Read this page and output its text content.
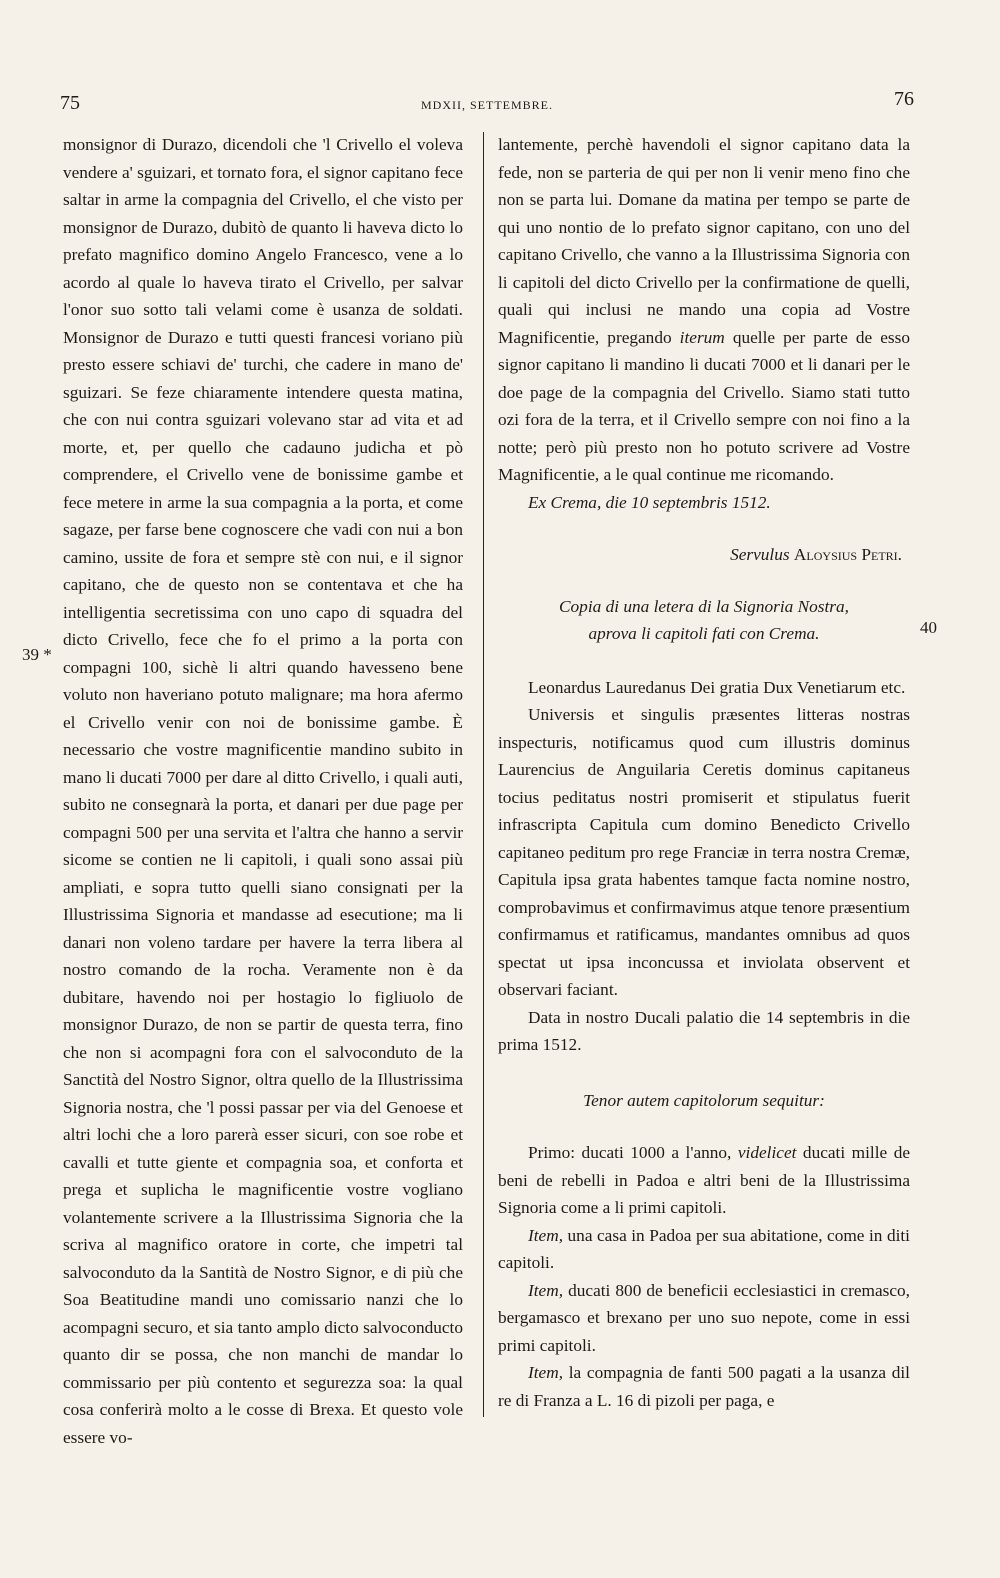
75	MDXII, SETTEMBRE.	76
39 *
40

monsignor di Durazo, dicendoli che 'l Crivello el voleva vendere a' sguizari, et tornato fora, el signor capitano fece saltar in arme la compagnia del Crivello, el che visto per monsignor de Durazo, dubitò de quanto li haveva dicto lo prefato magnifico domino Angelo Francesco, vene a lo acordo al quale lo haveva tirato el Crivello, per salvar l'onor suo sotto tali velami come è usanza de soldati. Monsignor de Durazo e tutti questi francesi voriano più presto essere schiavi de' turchi, che cadere in mano de' sguizari. Se feze chiaramente intendere questa matina, che con nui contra sguizari volevano star ad vita et ad morte, et, per quello che cadauno judicha et pò comprendere, el Crivello vene de bonissime gambe et fece metere in arme la sua compagnia a la porta, et come sagaze, per farse bene cognoscere che vadi con nui a bon camino, ussite de fora et sempre stè con nui, e il signor capitano, che de questo non se contentava et che ha intelligentia secretissima con uno capo di squadra del dicto Crivello, fece che fo el primo a la porta con compagni 100, sichè li altri quando havesseno bene voluto non haveriano potuto malignare; ma hora afermo el Crivello venir con noi de bonissime gambe. È necessario che vostre magnificentie mandino subito in mano li ducati 7000 per dare al ditto Crivello, i quali auti, subito ne consegnarà la porta, et danari per due page per compagni 500 per una servita et l'altra che hanno a servir sicome se contien ne li capitoli, i quali sono assai più ampliati, e sopra tutto quelli siano consignati per la Illustrissima Signoria et mandasse ad esecutione; ma li danari non voleno tardare per havere la terra libera al nostro comando de la rocha. Veramente non è da dubitare, havendo noi per hostagio lo figliuolo de monsignor Durazo, de non se partir de questa terra, fino che non si acompagni fora con el salvoconduto de la Sanctità del Nostro Signor, oltra quello de la Illustrissima Signoria nostra, che 'l possi passar per via del Genoese et altri lochi che a loro parerà esser sicuri, con soe robe et cavalli et tutte giente et compagnia soa, et conforta et prega et suplicha le magnificentie vostre vogliano volantemente scrivere a la Illustrissima Signoria che la scriva al magnifico oratore in corte, che impetri tal salvoconduto da la Santità de Nostro Signor, e di più che Soa Beatitudine mandi uno comissario nanzi che lo acompagni securo, et sia tanto amplo dicto salvoconducto quanto dir se possa, che non manchi de mandar lo commissario per più contento et segurezza soa: la qual cosa conferirà molto a le cosse di Brexa. Et questo vole essere vo-

lantemente, perchè havendoli el signor capitano data la fede, non se parteria de qui per non li venir meno fino che non se parta lui. Domane da matina per tempo se parte de qui uno nontio de lo prefato signor capitano, con uno del capitano Crivello, che vanno a la Illustrissima Signoria con li capitoli del dicto Crivello per la confirmatione de quelli, quali qui inclusi ne mando una copia ad Vostre Magnificentie, pregando iterum quelle per parte de esso signor capitano li mandino li ducati 7000 et li danari per le doe page de la compagnia del Crivello. Siamo stati tutto ozi fora de la terra, et il Crivello sempre con noi fino a la notte; però più presto non ho potuto scrivere ad Vostre Magnificentie, a le qual continue me ricomando.

Ex Crema, die 10 septembris 1512.

Servulus Aloysius Petri.

Copia di una letera di la Signoria Nostra,

aprova li capitoli fati con Crema.

Leonardus Lauredanus Dei gratia Dux Venetiarum etc.

Universis et singulis præsentes litteras nostras inspecturis, notificamus quod cum illustris dominus Laurencius de Anguilaria Ceretis dominus capitaneus tocius peditatus nostri promiserit et stipulatus fuerit infrascripta Capitula cum domino Benedicto Crivello capitaneo peditum pro rege Franciæ in terra nostra Cremæ, Capitula ipsa grata habentes tamque facta nomine nostro, comprobavimus et confirmavimus atque tenore præsentium confirmamus et ratificamus, mandantes omnibus ad quos spectat ut ipsa inconcussa et inviolata observent et observari faciant.

Data in nostro Ducali palatio die 14 septembris in die prima 1512.

Tenor autem capitolorum sequitur:

Primo: ducati 1000 a l'anno, videlicet ducati mille de beni de rebelli in Padoa e altri beni de la Illustrissima Signoria come a li primi capitoli.

Item, una casa in Padoa per sua abitatione, come in diti capitoli.

Item, ducati 800 de beneficii ecclesiastici in cremasco, bergamasco et brexano per uno suo nepote, come in essi primi capitoli.

Item, la compagnia de fanti 500 pagati a la usanza dil re di Franza a L. 16 di pizoli per paga, e
